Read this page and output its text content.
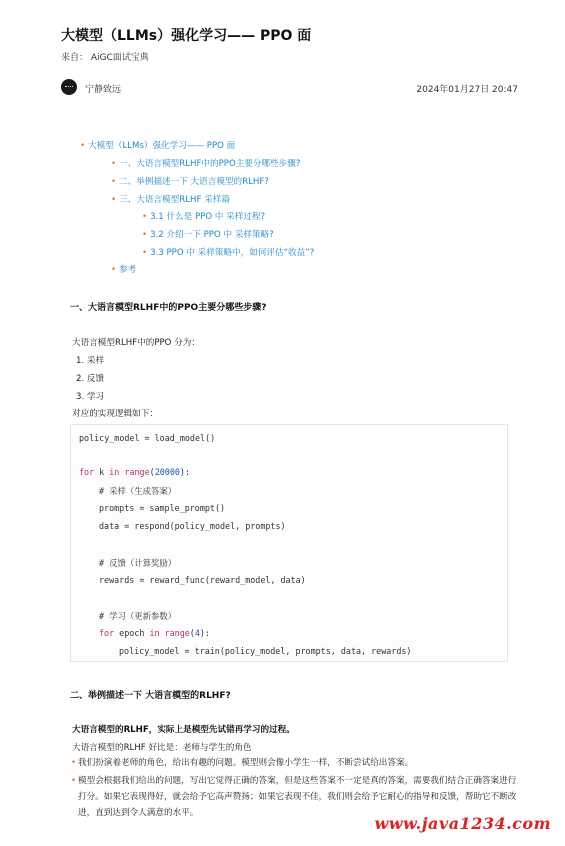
大模型（LLMs）强化学习—— PPO 面
来自： AiGC面试宝典
宁静致远	2024年01月27日 20:47
• 大模型（LLMs）强化学习—— PPO 面
• 一、大语言模型RLHF中的PPO主要分哪些步骤?
• 二、举例描述一下 大语言模型的RLHF?
• 三、大语言模型RLHF 采样篇
• 3.1 什么是 PPO 中 采样过程?
• 3.2 介绍一下 PPO 中 采样策略?
• 3.3 PPO 中 采样策略中，如何评估“收益”?
• 参考
一、大语言模型RLHF中的PPO主要分哪些步骤?
大语言模型RLHF中的PPO 分为：
1. 采样
2. 反馈
3. 学习
对应的实现逻辑如下：
policy_model = load_model()
for k in range(20000):
# 采样（生成答案）
prompts = sample_prompt()
data = respond(policy_model, prompts)
# 反馈（计算奖励）
rewards = reward_func(reward_model, data)
# 学习（更新参数）
for epoch in range(4):
policy_model = train(policy_model, prompts, data, rewards)
二、举例描述一下 大语言模型的RLHF?
大语言模型的RLHF，实际上是模型先试错再学习的过程。
大语言模型的RLHF 好比是：老师与学生的角色
• 我们扮演着老师的角色，给出有趣的问题。模型则会像小学生一样，不断尝试给出答案。
• 模型会根据我们给出的问题，写出它觉得正确的答案，但是这些答案不一定是真的答案，需要我们结合正确答案进行打分。如果它表现得好，就会给予它高声赞扬；如果它表现不佳，我们则会给予它耐心的指导和反馈，帮助它不断改进，直到达到令人满意的水平。
www.java1234.com
